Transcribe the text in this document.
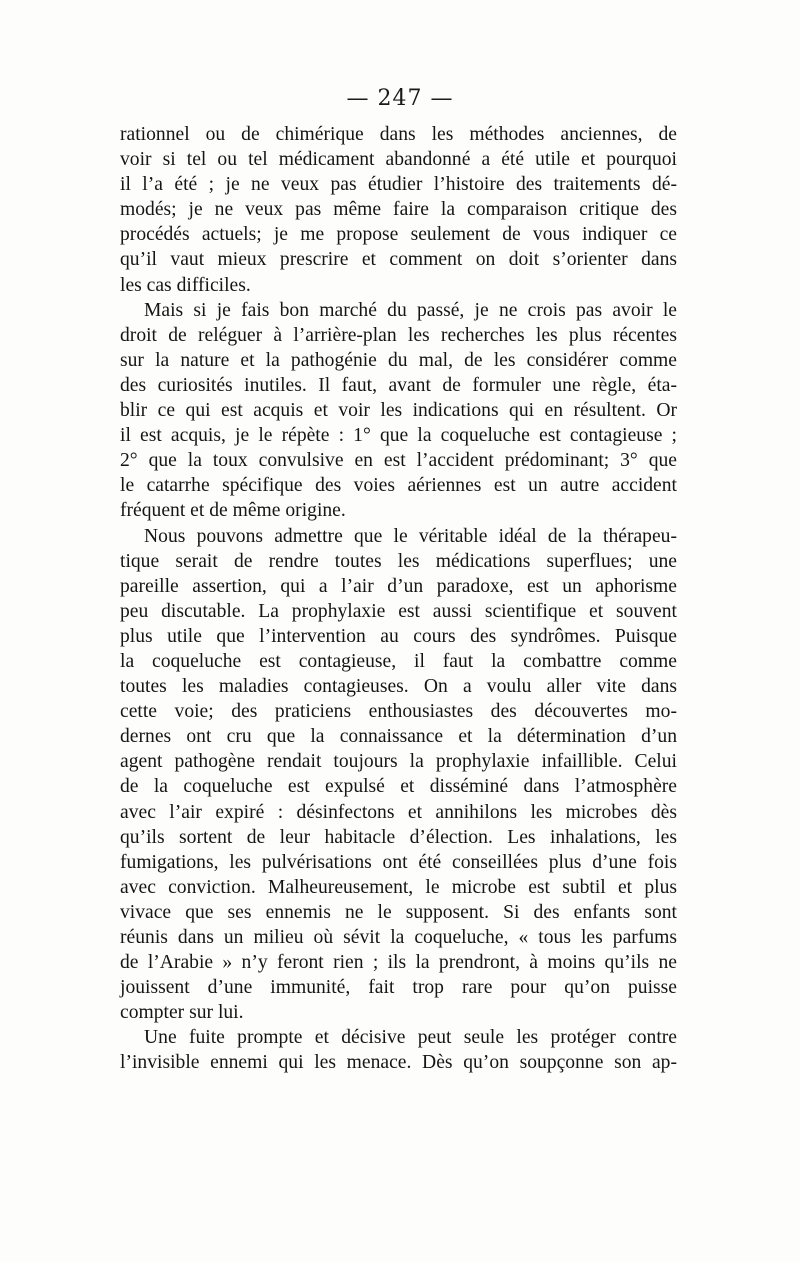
— 247 —
rationnel ou de chimérique dans les méthodes anciennes, de
voir si tel ou tel médicament abandonné a été utile et pourquoi
il l’a été ; je ne veux pas étudier l’histoire des traitements dé-
modés; je ne veux pas même faire la comparaison critique des
procédés actuels; je me propose seulement de vous indiquer ce
qu’il vaut mieux prescrire et comment on doit s’orienter dans
les cas difficiles.
Mais si je fais bon marché du passé, je ne crois pas avoir le
droit de reléguer à l’arrière-plan les recherches les plus récentes
sur la nature et la pathogénie du mal, de les considérer comme
des curiosités inutiles. Il faut, avant de formuler une règle, éta-
blir ce qui est acquis et voir les indications qui en résultent. Or
il est acquis, je le répète : 1° que la coqueluche est contagieuse ;
2° que la toux convulsive en est l’accident prédominant; 3° que
le catarrhe spécifique des voies aériennes est un autre accident
fréquent et de même origine.
Nous pouvons admettre que le véritable idéal de la thérapeu-
tique serait de rendre toutes les médications superflues; une
pareille assertion, qui a l’air d’un paradoxe, est un aphorisme
peu discutable. La prophylaxie est aussi scientifique et souvent
plus utile que l’intervention au cours des syndrômes. Puisque
la coqueluche est contagieuse, il faut la combattre comme
toutes les maladies contagieuses. On a voulu aller vite dans
cette voie; des praticiens enthousiastes des découvertes mo-
dernes ont cru que la connaissance et la détermination d’un
agent pathogène rendait toujours la prophylaxie infaillible. Celui
de la coqueluche est expulsé et disséminé dans l’atmosphère
avec l’air expiré : désinfectons et annihilons les microbes dès
qu’ils sortent de leur habitacle d’élection. Les inhalations, les
fumigations, les pulvérisations ont été conseillées plus d’une fois
avec conviction. Malheureusement, le microbe est subtil et plus
vivace que ses ennemis ne le supposent. Si des enfants sont
réunis dans un milieu où sévit la coqueluche, « tous les parfums
de l’Arabie » n’y feront rien ; ils la prendront, à moins qu’ils ne
jouissent d’une immunité, fait trop rare pour qu’on puisse
compter sur lui.
Une fuite prompte et décisive peut seule les protéger contre
l’invisible ennemi qui les menace. Dès qu’on soupçonne son ap-
